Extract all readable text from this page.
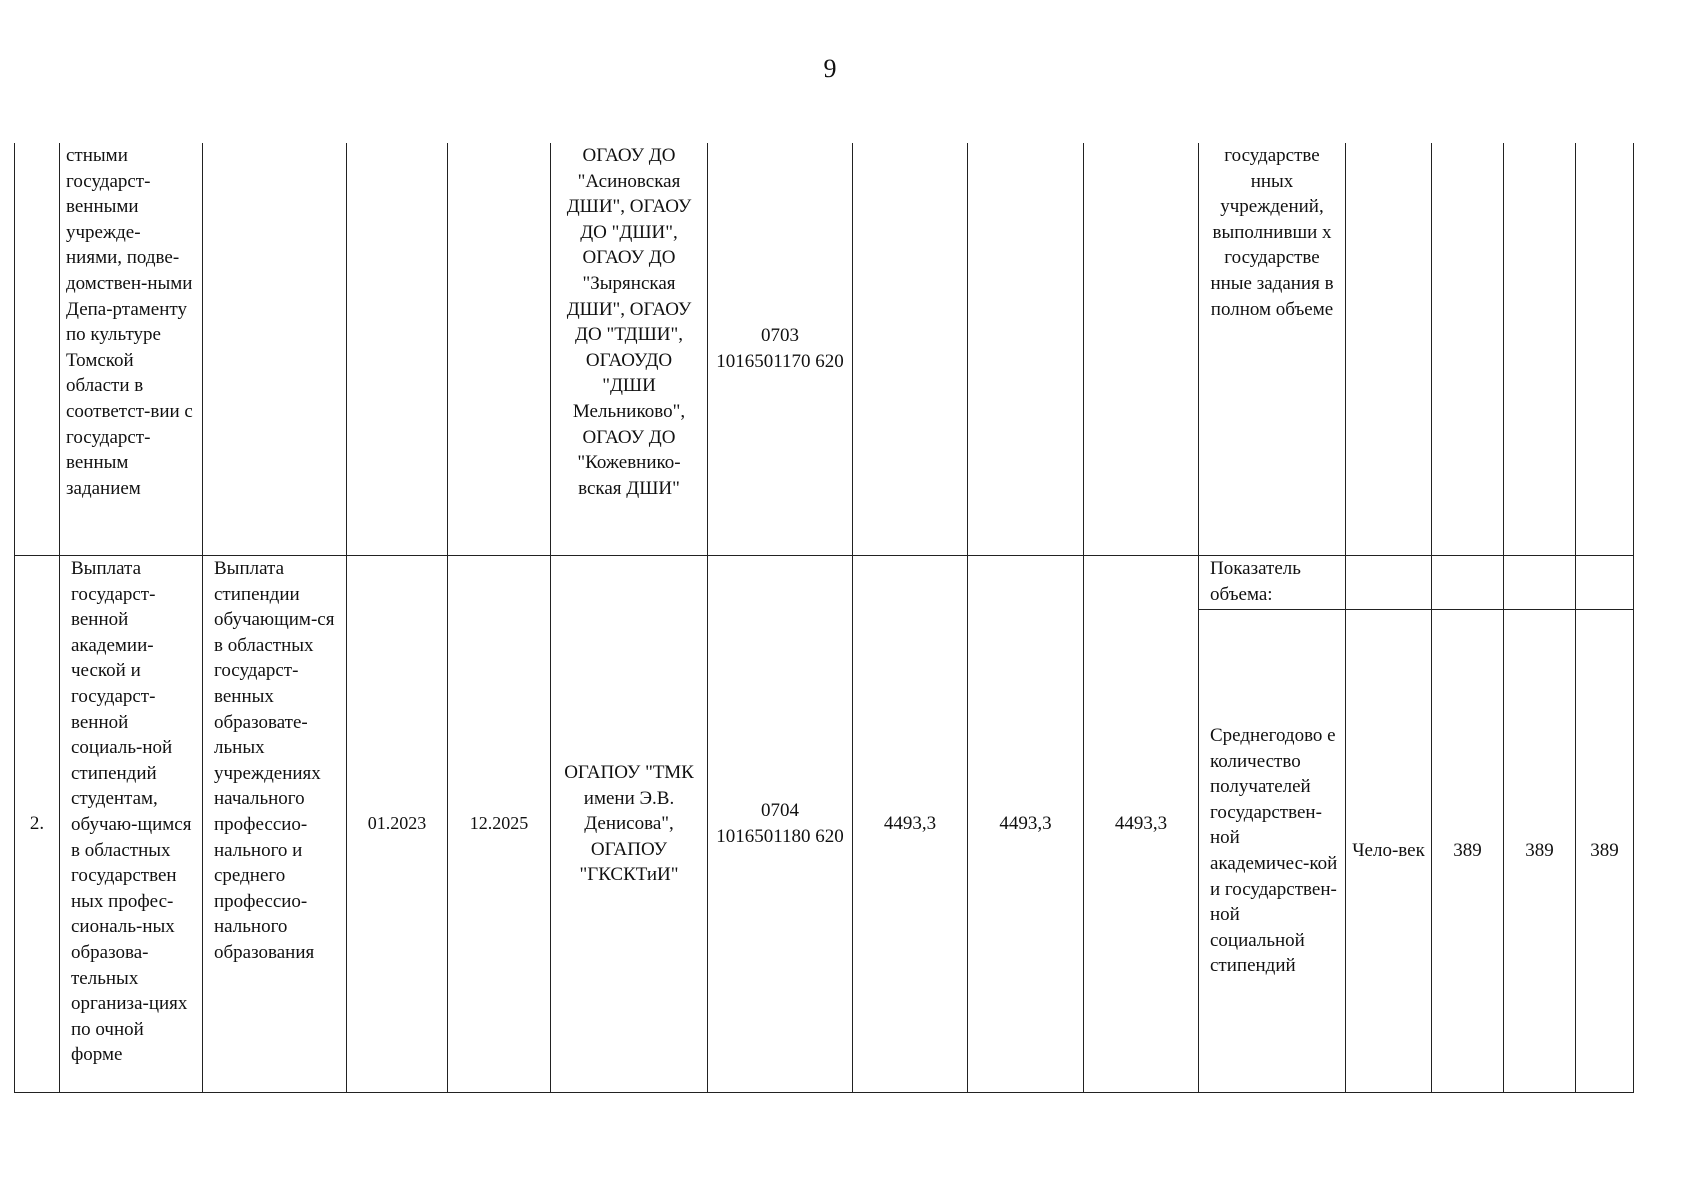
9
	стными государст-венными учрежде-ниями, подве-домствен-ными Депа-ртаменту по культуре Томской области в соответст-вии с государст-венным заданием				ОГАОУ ДО "Асиновская ДШИ", ОГАОУ ДО "ДШИ", ОГАОУ ДО "Зырянская ДШИ", ОГАОУ ДО "ТДШИ", ОГАОУДО "ДШИ Мельниково", ОГАОУ ДО "Кожевнико-вская ДШИ"	0703 1016501170 620				государстве нных учреждений, выполнивши х государстве нные задания в полном объеме				
2.	Выплата государст-венной академии-ческой и государст-венной социаль-ной стипендий студентам, обучаю-щимся в областных государствен ных профес-сиональ-ных образова-тельных организа-циях по очной форме	Выплата стипендии обучающим-ся в областных государст-венных образовате-льных учреждениях начального профессио-нального и среднего профессио-нального образования	01.2023	12.2025	ОГАПОУ "ТМК имени Э.В. Денисова", ОГАПОУ "ГКСКТиИ"	0704 1016501180 620	4493,3	4493,3	4493,3	Показатель объема:				
										Среднегодово е количество получателей государствен-ной академичес-кой и государствен-ной социальной стипендий	Чело-век	389	389	389
